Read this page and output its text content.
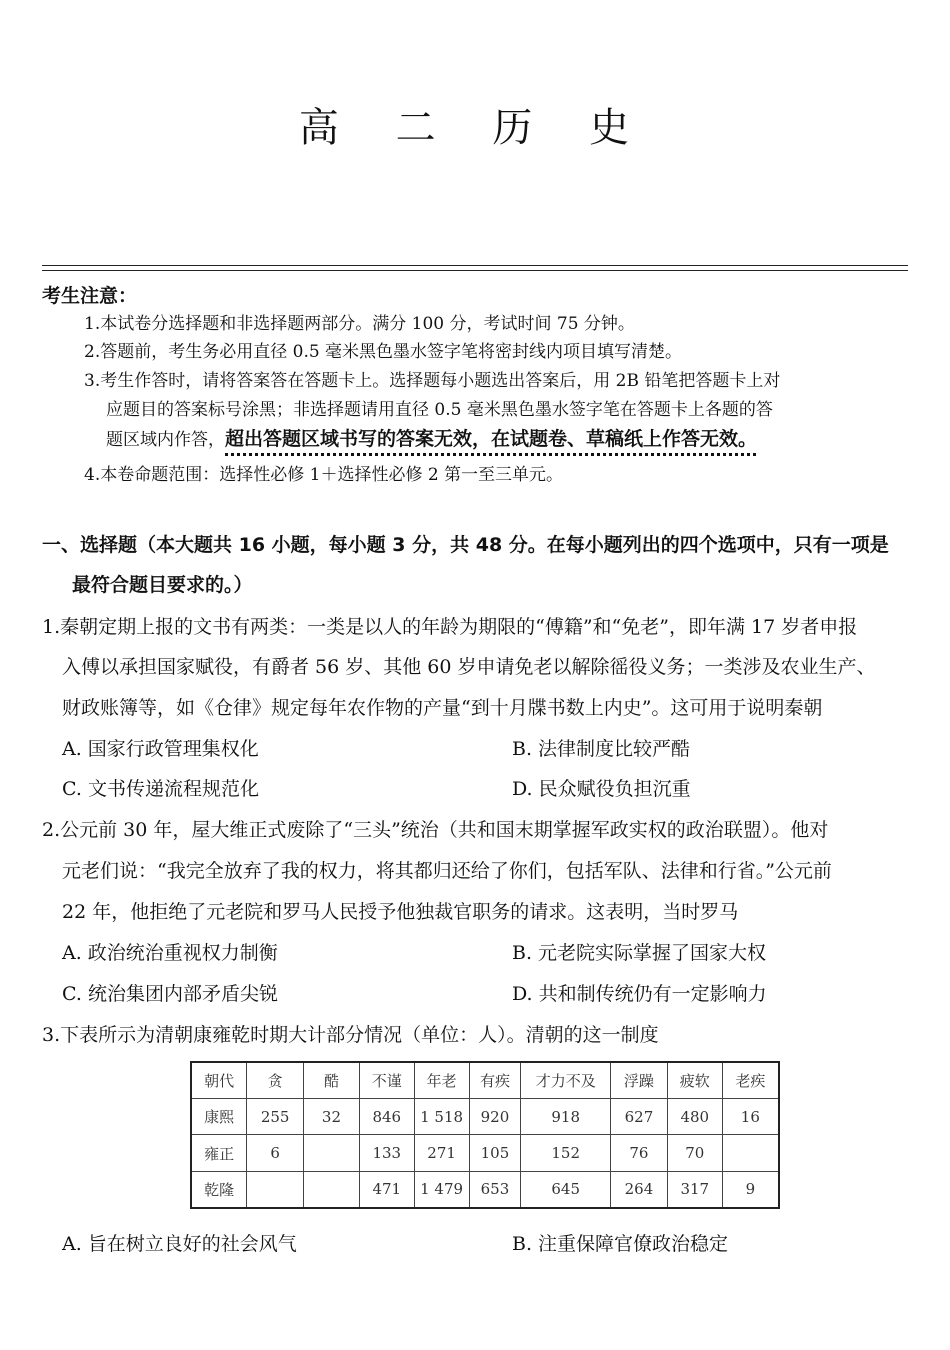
高 二 历 史
考生注意：
1.本试卷分选择题和非选择题两部分。满分 100 分，考试时间 75 分钟。
2.答题前，考生务必用直径 0.5 毫米黑色墨水签字笔将密封线内项目填写清楚。
3.考生作答时，请将答案答在答题卡上。选择题每小题选出答案后，用 2B 铅笔把答题卡上对
应题目的答案标号涂黑；非选择题请用直径 0.5 毫米黑色墨水签字笔在答题卡上各题的答
题区域内作答，超出答题区域书写的答案无效，在试题卷、草稿纸上作答无效。
4.本卷命题范围：选择性必修 1＋选择性必修 2 第一至三单元。
一、选择题（本大题共 16 小题，每小题 3 分，共 48 分。在每小题列出的四个选项中，只有一项是
最符合题目要求的。）
1.秦朝定期上报的文书有两类：一类是以人的年龄为期限的“傅籍”和“免老”，即年满 17 岁者申报
入傅以承担国家赋役，有爵者 56 岁、其他 60 岁申请免老以解除徭役义务；一类涉及农业生产、
财政账簿等，如《仓律》规定每年农作物的产量“到十月牒书数上内史”。这可用于说明秦朝
A. 国家行政管理集权化	B. 法律制度比较严酷
C. 文书传递流程规范化	D. 民众赋役负担沉重
2.公元前 30 年，屋大维正式废除了“三头”统治（共和国末期掌握军政实权的政治联盟）。他对
元老们说：“我完全放弃了我的权力，将其都归还给了你们，包括军队、法律和行省。”公元前
22 年，他拒绝了元老院和罗马人民授予他独裁官职务的请求。这表明，当时罗马
A. 政治统治重视权力制衡	B. 元老院实际掌握了国家大权
C. 统治集团内部矛盾尖锐	D. 共和制传统仍有一定影响力
3.下表所示为清朝康雍乾时期大计部分情况（单位：人）。清朝的这一制度
朝代	贪	酷	不谨	年老	有疾	才力不及	浮躁	疲软	老疾
康熙	255	32	846	1 518	920	918	627	480	16
雍正	6		133	271	105	152	76	70	
乾隆			471	1 479	653	645	264	317	9
A. 旨在树立良好的社会风气	B. 注重保障官僚政治稳定
